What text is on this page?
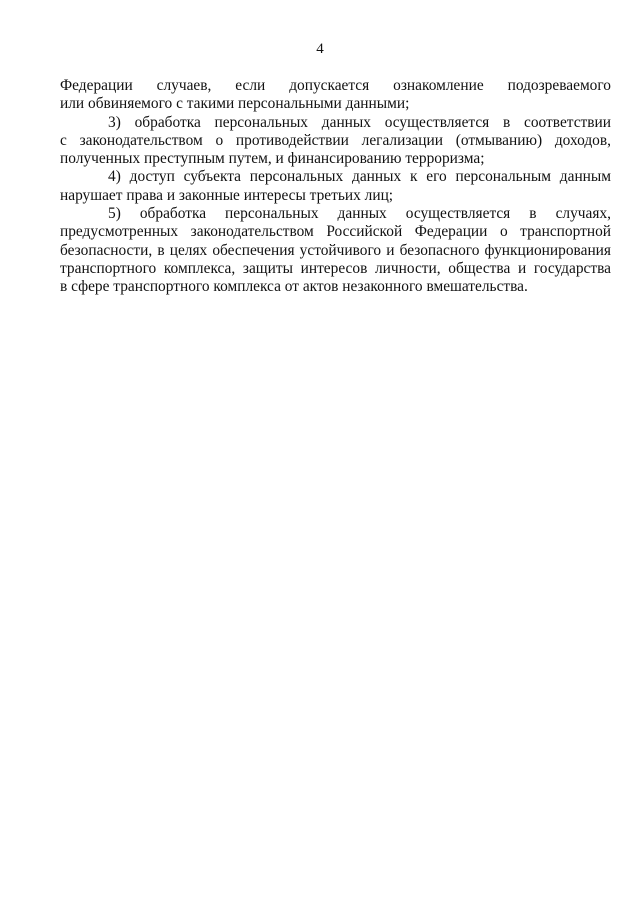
4
Федерации случаев, если допускается ознакомление подозреваемого
или обвиняемого с такими персональными данными;
3) обработка персональных данных осуществляется в соответствии
с законодательством о противодействии легализации (отмыванию) доходов,
полученных преступным путем, и финансированию терроризма;
4) доступ субъекта персональных данных к его персональным данным
нарушает права и законные интересы третьих лиц;
5) обработка персональных данных осуществляется в случаях,
предусмотренных законодательством Российской Федерации о транспортной
безопасности, в целях обеспечения устойчивого и безопасного функционирования
транспортного комплекса, защиты интересов личности, общества и государства
в сфере транспортного комплекса от актов незаконного вмешательства.
